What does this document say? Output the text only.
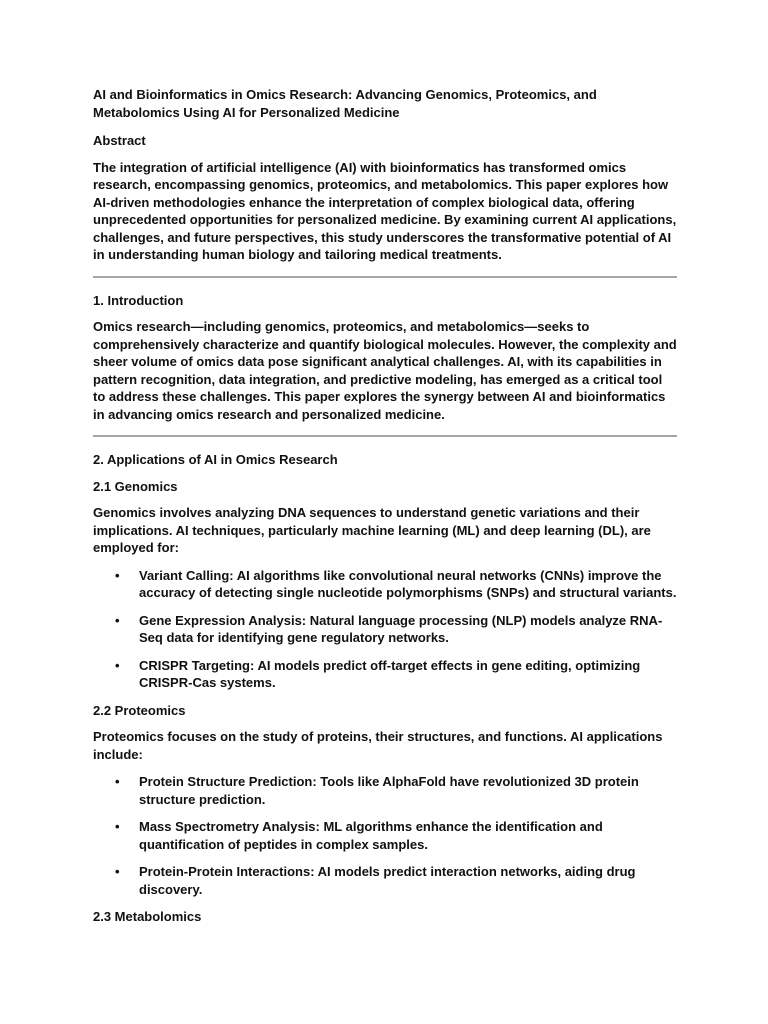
AI and Bioinformatics in Omics Research: Advancing Genomics, Proteomics, and Metabolomics Using AI for Personalized Medicine
Abstract
The integration of artificial intelligence (AI) with bioinformatics has transformed omics research, encompassing genomics, proteomics, and metabolomics. This paper explores how AI-driven methodologies enhance the interpretation of complex biological data, offering unprecedented opportunities for personalized medicine. By examining current AI applications, challenges, and future perspectives, this study underscores the transformative potential of AI in understanding human biology and tailoring medical treatments.
1. Introduction
Omics research—including genomics, proteomics, and metabolomics—seeks to comprehensively characterize and quantify biological molecules. However, the complexity and sheer volume of omics data pose significant analytical challenges. AI, with its capabilities in pattern recognition, data integration, and predictive modeling, has emerged as a critical tool to address these challenges. This paper explores the synergy between AI and bioinformatics in advancing omics research and personalized medicine.
2. Applications of AI in Omics Research
2.1 Genomics
Genomics involves analyzing DNA sequences to understand genetic variations and their implications. AI techniques, particularly machine learning (ML) and deep learning (DL), are employed for:
• Variant Calling: AI algorithms like convolutional neural networks (CNNs) improve the accuracy of detecting single nucleotide polymorphisms (SNPs) and structural variants.
• Gene Expression Analysis: Natural language processing (NLP) models analyze RNA-Seq data for identifying gene regulatory networks.
• CRISPR Targeting: AI models predict off-target effects in gene editing, optimizing CRISPR-Cas systems.
2.2 Proteomics
Proteomics focuses on the study of proteins, their structures, and functions. AI applications include:
• Protein Structure Prediction: Tools like AlphaFold have revolutionized 3D protein structure prediction.
• Mass Spectrometry Analysis: ML algorithms enhance the identification and quantification of peptides in complex samples.
• Protein-Protein Interactions: AI models predict interaction networks, aiding drug discovery.
2.3 Metabolomics
